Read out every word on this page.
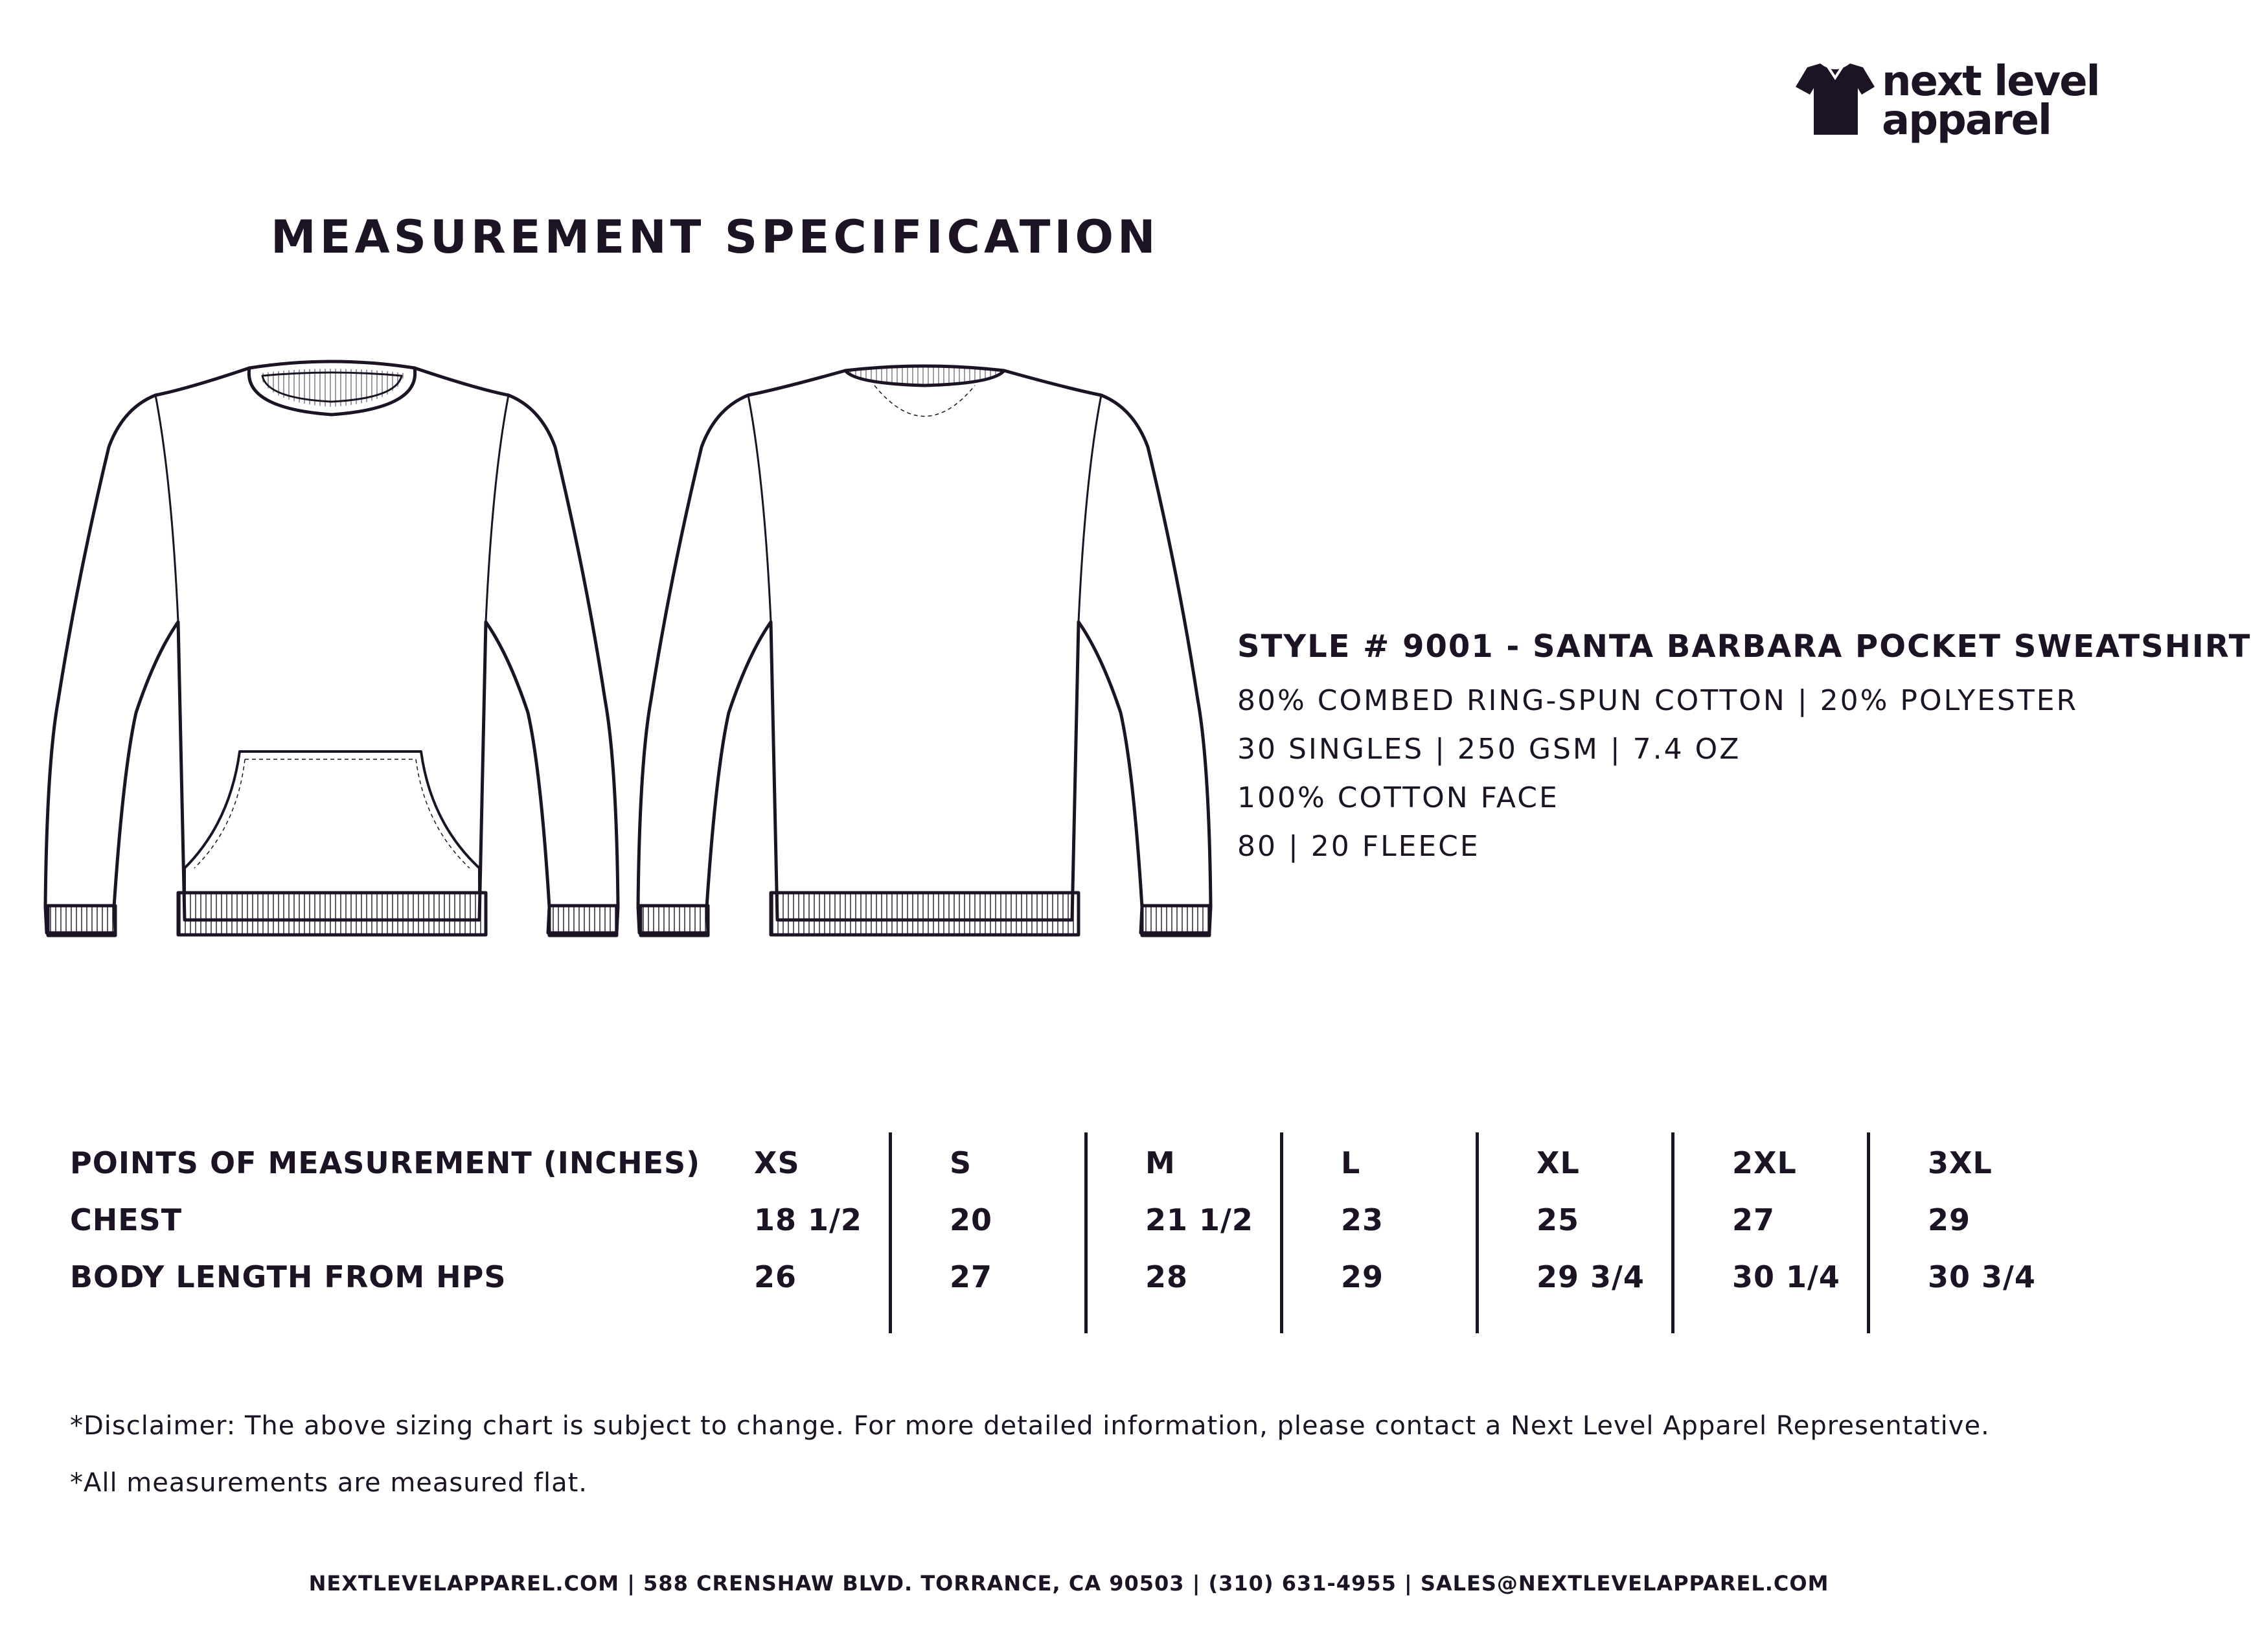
next level
apparel
MEASUREMENT SPECIFICATION
STYLE # 9001 - SANTA BARBARA POCKET SWEATSHIRT
80% COMBED RING-SPUN COTTON | 20% POLYESTER
30 SINGLES | 250 GSM | 7.4 OZ
100% COTTON FACE
80 | 20 FLEECE
POINTS OF MEASUREMENT (INCHES) XS	S	M	L	XL	2XL	3XL
CHEST	18 1/2	20	21 1/2	23	25	27	29
BODY LENGTH FROM HPS	26	27	28	29	29 3/4	30 1/4	30 3/4
*Disclaimer: The above sizing chart is subject to change. For more detailed information, please contact a Next Level Apparel Representative.
*All measurements are measured flat.
NEXTLEVELAPPAREL.COM | 588 CRENSHAW BLVD. TORRANCE, CA 90503 | (310) 631-4955 | SALES@NEXTLEVELAPPAREL.COM
